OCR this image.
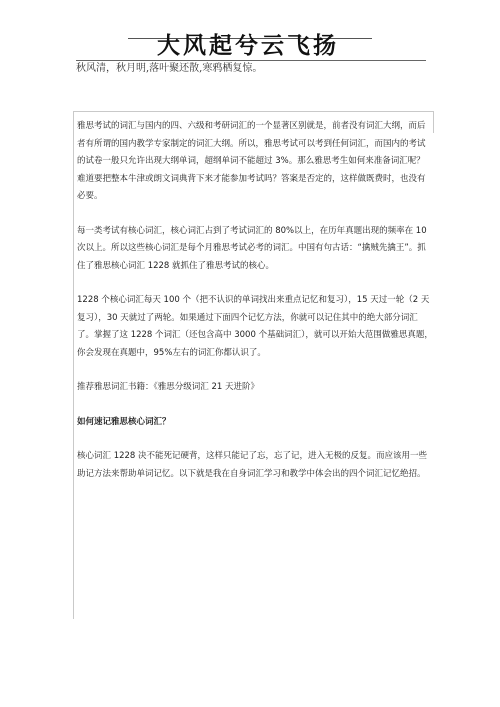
大风起兮云飞扬
秋风清，秋月明,落叶聚还散,寒鸦栖复惊。

雅思考试的词汇与国内的四、六级和考研词汇的一个显著区别就是，前者没有词汇大纲，而后者有所谓的国内教学专家制定的词汇大纲。所以，雅思考试可以考到任何词汇，而国内的考试的试卷一般只允许出现大纲单词，超纲单词不能超过 3%。那么雅思考生如何来准备词汇呢？难道要把整本牛津或朗文词典背下来才能参加考试吗？答案是否定的，这样做既费时，也没有必要。

每一类考试有核心词汇，核心词汇占到了考试词汇的 80%以上，在历年真题出现的频率在 10 次以上。所以这些核心词汇是每个月雅思考试必考的词汇。中国有句古话：“擒贼先擒王”。抓住了雅思核心词汇 1228 就抓住了雅思考试的核心。

1228 个核心词汇每天 100 个（把不认识的单词找出来重点记忆和复习），15 天过一轮（2 天复习），30 天就过了两轮。如果通过下面四个记忆方法，你就可以记住其中的绝大部分词汇了。掌握了这 1228 个词汇（还包含高中 3000 个基础词汇），就可以开始大范围做雅思真题，你会发现在真题中，95%左右的词汇你都认识了。

推荐雅思词汇书籍：《雅思分级词汇 21 天进阶》

如何速记雅思核心词汇？

核心词汇 1228 决不能死记硬背，这样只能记了忘，忘了记，进入无极的反复。而应该用一些助记方法来帮助单词记忆。以下就是我在自身词汇学习和教学中体会出的四个词汇记忆绝招。
